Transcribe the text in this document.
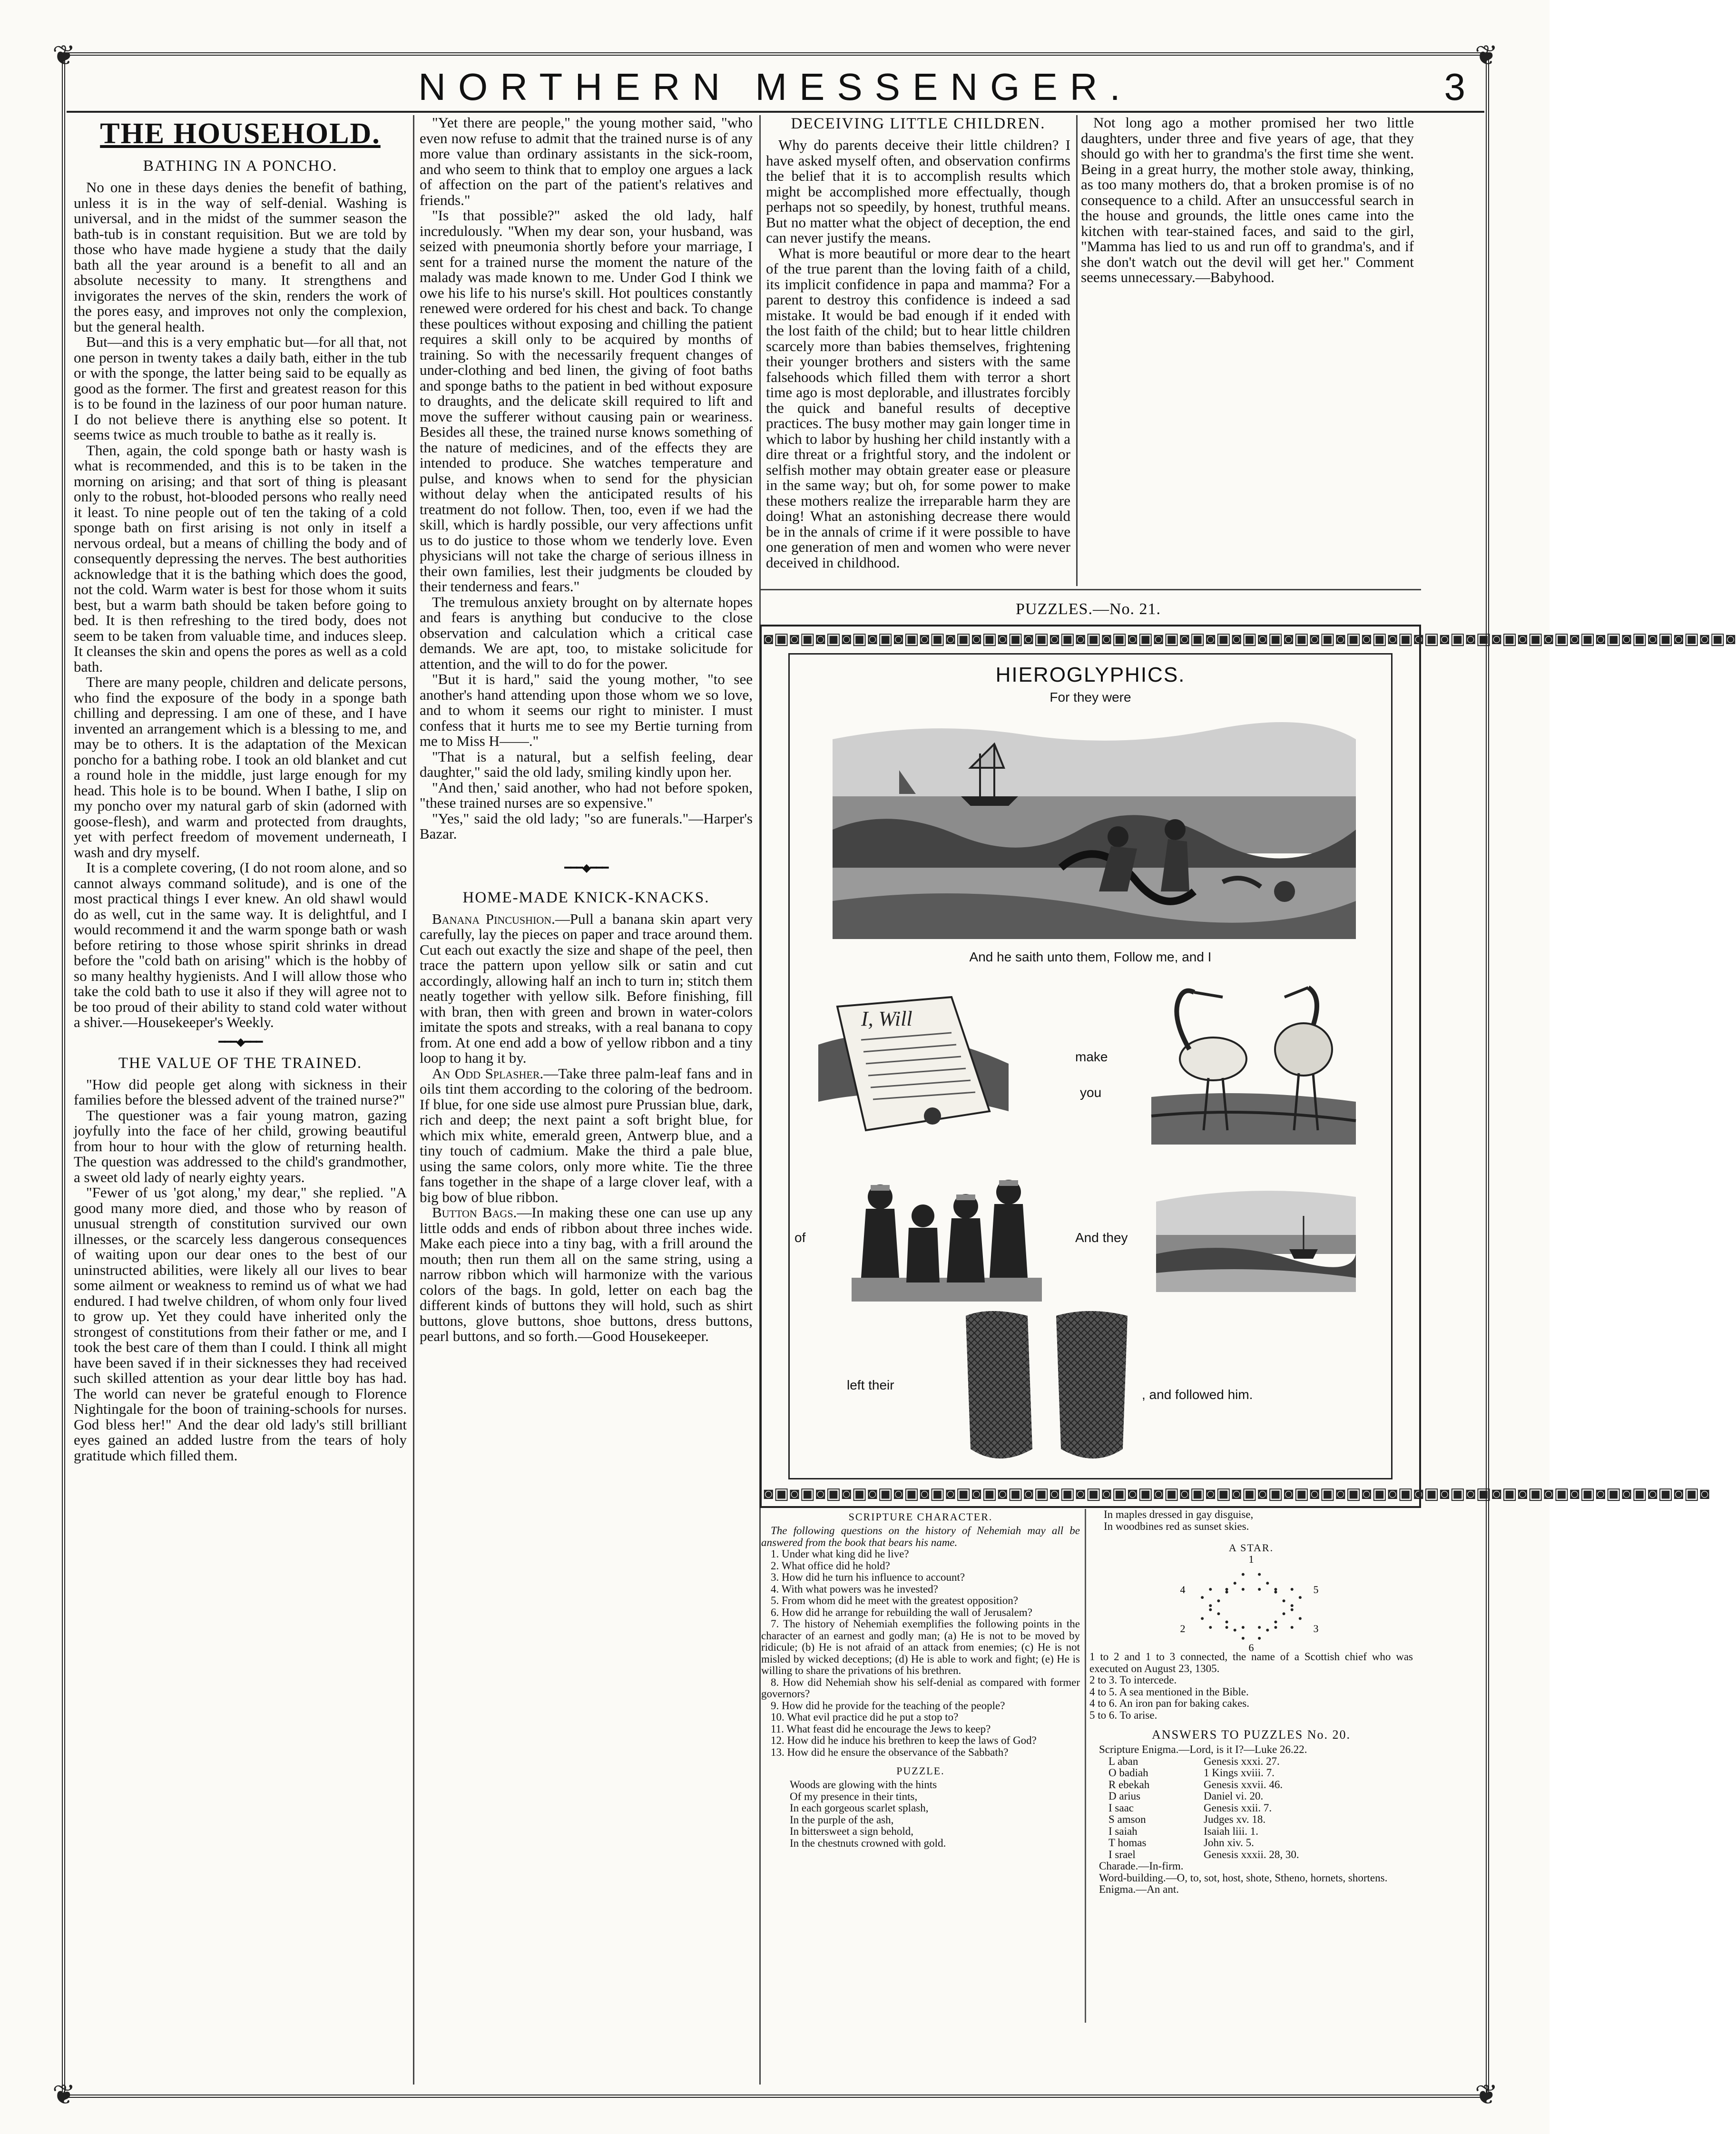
❦	❦
❦	❦
NORTHERN MESSENGER.	3
THE HOUSEHOLD.
BATHING IN A PONCHO.

No one in these days denies the benefit of bathing, unless it is in the way of self-denial. Washing is universal, and in the midst of the summer season the bath-tub is in constant requisition. But we are told by those who have made hygiene a study that the daily bath all the year around is a benefit to all and an absolute necessity to many. It strengthens and invigorates the nerves of the skin, renders the work of the pores easy, and improves not only the complexion, but the general health.

But—and this is a very emphatic but—for all that, not one person in twenty takes a daily bath, either in the tub or with the sponge, the latter being said to be equally as good as the former. The first and greatest reason for this is to be found in the laziness of our poor human nature. I do not believe there is anything else so potent. It seems twice as much trouble to bathe as it really is.

Then, again, the cold sponge bath or hasty wash is what is recommended, and this is to be taken in the morning on arising; and that sort of thing is pleasant only to the robust, hot-blooded persons who really need it least. To nine people out of ten the taking of a cold sponge bath on first arising is not only in itself a nervous ordeal, but a means of chilling the body and of consequently depressing the nerves. The best authorities acknowledge that it is the bathing which does the good, not the cold. Warm water is best for those whom it suits best, but a warm bath should be taken before going to bed. It is then refreshing to the tired body, does not seem to be taken from valuable time, and induces sleep. It cleanses the skin and opens the pores as well as a cold bath.

There are many people, children and delicate persons, who find the exposure of the body in a sponge bath chilling and depressing. I am one of these, and I have invented an arrangement which is a blessing to me, and may be to others. It is the adaptation of the Mexican poncho for a bathing robe. I took an old blanket and cut a round hole in the middle, just large enough for my head. This hole is to be bound. When I bathe, I slip on my poncho over my natural garb of skin (adorned with goose-flesh), and warm and protected from draughts, yet with perfect freedom of movement underneath, I wash and dry myself.

It is a complete covering, (I do not room alone, and so cannot always command solitude), and is one of the most practical things I ever knew. An old shawl would do as well, cut in the same way. It is delightful, and I would recommend it and the warm sponge bath or wash before retiring to those whose spirit shrinks in dread before the "cold bath on arising" which is the hobby of so many healthy hygienists. And I will allow those who take the cold bath to use it also if they will agree not to be too proud of their ability to stand cold water without a shiver.—Housekeeper's Weekly.

━━━◆━━━
THE VALUE OF THE TRAINED.

"How did people get along with sickness in their families before the blessed advent of the trained nurse?"

The questioner was a fair young matron, gazing joyfully into the face of her child, growing beautiful from hour to hour with the glow of returning health. The question was addressed to the child's grandmother, a sweet old lady of nearly eighty years.

"Fewer of us 'got along,' my dear," she replied. "A good many more died, and those who by reason of unusual strength of constitution survived our own illnesses, or the scarcely less dangerous consequences of waiting upon our dear ones to the best of our uninstructed abilities, were likely all our lives to bear some ailment or weakness to remind us of what we had endured. I had twelve children, of whom only four lived to grow up. Yet they could have inherited only the strongest of constitutions from their father or me, and I took the best care of them than I could. I think all might have been saved if in their sicknesses they had received such skilled attention as your dear little boy has had. The world can never be grateful enough to Florence Nightingale for the boon of training-schools for nurses. God bless her!" And the dear old lady's still brilliant eyes gained an added lustre from the tears of holy gratitude which filled them.

"Yet there are people," the young mother said, "who even now refuse to admit that the trained nurse is of any more value than ordinary assistants in the sick-room, and who seem to think that to employ one argues a lack of affection on the part of the patient's relatives and friends."

"Is that possible?" asked the old lady, half incredulously. "When my dear son, your husband, was seized with pneumonia shortly before your marriage, I sent for a trained nurse the moment the nature of the malady was made known to me. Under God I think we owe his life to his nurse's skill. Hot poultices constantly renewed were ordered for his chest and back. To change these poultices without exposing and chilling the patient requires a skill only to be acquired by months of training. So with the necessarily frequent changes of under-clothing and bed linen, the giving of foot baths and sponge baths to the patient in bed without exposure to draughts, and the delicate skill required to lift and move the sufferer without causing pain or weariness. Besides all these, the trained nurse knows something of the nature of medicines, and of the effects they are intended to produce. She watches temperature and pulse, and knows when to send for the physician without delay when the anticipated results of his treatment do not follow. Then, too, even if we had the skill, which is hardly possible, our very affections unfit us to do justice to those whom we tenderly love. Even physicians will not take the charge of serious illness in their own families, lest their judgments be clouded by their tenderness and fears."

The tremulous anxiety brought on by alternate hopes and fears is anything but conducive to the close observation and calculation which a critical case demands. We are apt, too, to mistake solicitude for attention, and the will to do for the power.

"But it is hard," said the young mother, "to see another's hand attending upon those whom we so love, and to whom it seems our right to minister. I must confess that it hurts me to see my Bertie turning from me to Miss H——."

"That is a natural, but a selfish feeling, dear daughter," said the old lady, smiling kindly upon her.

"And then,' said another, who had not before spoken, "these trained nurses are so expensive."

"Yes," said the old lady; "so are funerals."—Harper's Bazar.

━━━◆━━━
HOME-MADE KNICK-KNACKS.

Banana Pincushion.—Pull a banana skin apart very carefully, lay the pieces on paper and trace around them. Cut each out exactly the size and shape of the peel, then trace the pattern upon yellow silk or satin and cut accordingly, allowing half an inch to turn in; stitch them neatly together with yellow silk. Before finishing, fill with bran, then with green and brown in water-colors imitate the spots and streaks, with a real banana to copy from. At one end add a bow of yellow ribbon and a tiny loop to hang it by.

An Odd Splasher.—Take three palm-leaf fans and in oils tint them according to the coloring of the bedroom. If blue, for one side use almost pure Prussian blue, dark, rich and deep; the next paint a soft bright blue, for which mix white, emerald green, Antwerp blue, and a tiny touch of cadmium. Make the third a pale blue, using the same colors, only more white. Tie the three fans together in the shape of a large clover leaf, with a big bow of blue ribbon.

Button Bags.—In making these one can use up any little odds and ends of ribbon about three inches wide. Make each piece into a tiny bag, with a frill around the mouth; then run them all on the same string, using a narrow ribbon which will harmonize with the various colors of the bags. In gold, letter on each bag the different kinds of buttons they will hold, such as shirt buttons, glove buttons, shoe buttons, dress buttons, pearl buttons, and so forth.—Good Housekeeper.

DECEIVING LITTLE CHILDREN.

Why do parents deceive their little children? I have asked myself often, and observation confirms the belief that it is to accomplish results which might be accomplished more effectually, though perhaps not so speedily, by honest, truthful means. But no matter what the object of deception, the end can never justify the means.

What is more beautiful or more dear to the heart of the true parent than the loving faith of a child, its implicit confidence in papa and mamma? For a parent to destroy this confidence is indeed a sad mistake. It would be bad enough if it ended with the lost faith of the child; but to hear little children scarcely more than babies themselves, frightening their younger brothers and sisters with the same falsehoods which filled them with terror a short time ago is most deplorable, and illustrates forcibly the quick and baneful results of deceptive practices. The busy mother may gain longer time in which to labor by hushing her child instantly with a dire threat or a frightful story, and the indolent or selfish mother may obtain greater ease or pleasure in the same way; but oh, for some power to make these mothers realize the irreparable harm they are doing! What an astonishing decrease there would be in the annals of crime if it were possible to have one generation of men and women who were never deceived in childhood.

Not long ago a mother promised her two little daughters, under three and five years of age, that they should go with her to grandma's the first time she went. Being in a great hurry, the mother stole away, thinking, as too many mothers do, that a broken promise is of no consequence to a child. After an unsuccessful search in the house and grounds, the little ones came into the kitchen with tear-stained faces, and said to the girl, "Mamma has lied to us and run off to grandma's, and if she don't watch out the devil will get her." Comment seems unnecessary.—Babyhood.

PUZZLES.—No. 21.
◙▣◙▣◙▣◙▣◙▣◙▣◙▣◙▣◙▣◙▣◙▣◙▣◙▣◙▣◙▣◙▣◙▣◙▣◙▣◙▣◙▣◙▣◙▣◙▣◙▣◙▣◙▣◙▣◙▣◙▣◙▣◙▣◙▣◙▣◙▣◙▣◙▣◙
◙▣◙▣◙▣◙▣◙▣◙▣◙▣◙▣◙▣◙▣◙▣◙▣◙▣◙▣◙▣◙▣◙▣◙▣◙▣◙▣◙▣◙▣◙▣◙▣◙▣◙▣◙▣◙▣◙▣◙▣◙▣◙▣◙▣◙▣◙▣◙▣◙
HIEROGLYPHICS.
For they were
And he saith unto them, Follow me, and I
I, Will
make
you
of	And they
left their
, and followed him.
SCRIPTURE CHARACTER.

The following questions on the history of Nehemiah may all be answered from the book that bears his name.

1. Under what king did he live?

2. What office did he hold?

3. How did he turn his influence to account?

4. With what powers was he invested?

5. From whom did he meet with the greatest opposition?

6. How did he arrange for rebuilding the wall of Jerusalem?

7. The history of Nehemiah exemplifies the following points in the character of an earnest and godly man; (a) He is not to be moved by ridicule; (b) He is not afraid of an attack from enemies; (c) He is not misled by wicked deceptions; (d) He is able to work and fight; (e) He is willing to share the privations of his brethren.

8. How did Nehemiah show his self-denial as compared with former governors?

9. How did he provide for the teaching of the people?

10. What evil practice did he put a stop to?

11. What feast did he encourage the Jews to keep?

12. How did he induce his brethren to keep the laws of God?

13. How did he ensure the observance of the Sabbath?

PUZZLE.

Woods are glowing with the hints

Of my presence in their tints,

In each gorgeous scarlet splash,

In the purple of the ash,

In bittersweet a sign behold,

In the chestnuts crowned with gold.

In maples dressed in gay disguise,

In woodbines red as sunset skies.

A STAR.
1
2	3
4	5
6

1 to 2 and 1 to 3 connected, the name of a Scottish chief who was executed on August 23, 1305.

2 to 3. To intercede.

4 to 5. A sea mentioned in the Bible.

4 to 6. An iron pan for baking cakes.

5 to 6. To arise.

ANSWERS TO PUZZLES No. 20.

Scripture Enigma.—Lord, is it I?—Luke 26.22.

L aban	Genesis xxxi. 27.

O badiah	1 Kings xviii. 7.

R ebekah	Genesis xxvii. 46.

D arius	Daniel vi. 20.

I saac	Genesis xxii. 7.

S amson	Judges xv. 18.

I saiah	Isaiah liii. 1.

T homas	John xiv. 5.

I srael	Genesis xxxii. 28, 30.

Charade.—In-firm.

Word-building.—O, to, sot, host, shote, Stheno, hornets, shortens.

Enigma.—An ant.
